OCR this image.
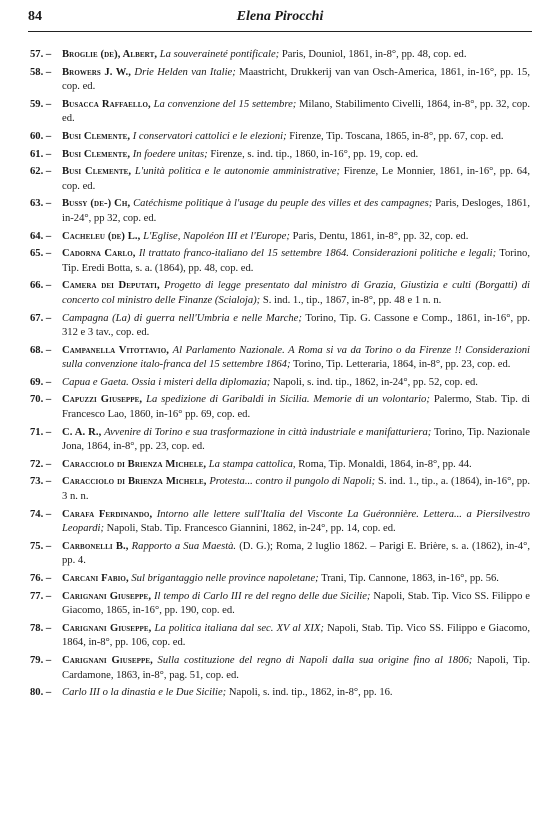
84	Elena Pirocchi
57. –	Broglie (de), Albert, La souveraineté pontificale; Paris, Douniol, 1861, in-8°, pp. 48, cop. ed.
58. –	Browers J. W., Drie Helden van Italie; Maastricht, Drukkerij van van Osch-America, 1861, in-16°, pp. 15, cop. ed.
59. –	Busacca Raffaello, La convenzione del 15 settembre; Milano, Stabilimento Civelli, 1864, in-8°, pp. 32, cop. ed.
60. –	Busi Clemente, I conservatori cattolici e le elezioni; Firenze, Tip. Toscana, 1865, in-8°, pp. 67, cop. ed.
61. –	Busi Clemente, In foedere unitas; Firenze, s. ind. tip., 1860, in-16°, pp. 19, cop. ed.
62. –	Busi Clemente, L'unità politica e le autonomie amministrative; Firenze, Le Monnier, 1861, in-16°, pp. 64, cop. ed.
63. –	Bussy (de-) Ch, Catéchisme politique à l'usage du peuple des villes et des campagnes; Paris, Desloges, 1861, in-24°, pp 32, cop. ed.
64. –	Cacheleu (de) L., L'Eglise, Napoléon III et l'Europe; Paris, Dentu, 1861, in-8°, pp. 32, cop. ed.
65. –	Cadorna Carlo, Il trattato franco-italiano del 15 settembre 1864. Considerazioni politiche e legali; Torino, Tip. Eredi Botta, s. a. (1864), pp. 48, cop. ed.
66. –	Camera dei Deputati, Progetto di legge presentato dal ministro di Grazia, Giustizia e culti (Borgatti) di concerto col ministro delle Finanze (Scialoja); S. ind. 1., tip., 1867, in-8°, pp. 48 e 1 n. n.
67. –	Campagna (La) di guerra nell'Umbria e nelle Marche; Torino, Tip. G. Cassone e Comp., 1861, in-16°, pp. 312 e 3 tav., cop. ed.
68. –	Campanella Vitottavio, Al Parlamento Nazionale. A Roma si va da Torino o da Firenze !! Considerazioni sulla convenzione italo-franca del 15 settembre 1864; Torino, Tip. Letteraria, 1864, in-8°, pp. 23, cop. ed.
69. –	Capua e Gaeta. Ossia i misteri della diplomazia; Napoli, s. ind. tip., 1862, in-24°, pp. 52, cop. ed.
70. –	Capuzzi Giuseppe, La spedizione di Garibaldi in Sicilia. Memorie di un volontario; Palermo, Stab. Tip. di Francesco Lao, 1860, in-16° pp. 69, cop. ed.
71. –	C. A. R., Avvenire di Torino e sua trasformazione in città industriale e manifatturiera; Torino, Tip. Nazionale Jona, 1864, in-8°, pp. 23, cop. ed.
72. –	Caracciolo di Brienza Michele, La stampa cattolica, Roma, Tip. Monaldi, 1864, in-8°, pp. 44.
73. –	Caracciolo di Brienza Michele, Protesta... contro il pungolo di Napoli; S. ind. 1., tip., a. (1864), in-16°, pp. 3 n. n.
74. –	Carafa Ferdinando, Intorno alle lettere sull'Italia del Visconte La Guéronnière. Lettera... a Piersilvestro Leopardi; Napoli, Stab. Tip. Francesco Giannini, 1862, in-24°, pp. 14, cop. ed.
75. –	Carbonelli B., Rapporto a Sua Maestà. (D. G.); Roma, 2 luglio 1862. – Parigi E. Brière, s. a. (1862), in-4°, pp. 4.
76. –	Carcani Fabio, Sul brigantaggio nelle province napoletane; Trani, Tip. Cannone, 1863, in-16°, pp. 56.
77. –	Carignani Giuseppe, Il tempo di Carlo III re del regno delle due Sicilie; Napoli, Stab. Tip. Vico SS. Filippo e Giacomo, 1865, in-16°, pp. 190, cop. ed.
78. –	Carignani Giuseppe, La politica italiana dal sec. XV al XIX; Napoli, Stab. Tip. Vico SS. Filippo e Giacomo, 1864, in-8°, pp. 106, cop. ed.
79. –	Carignani Giuseppe, Sulla costituzione del regno di Napoli dalla sua origine fino al 1806; Napoli, Tip. Cardamone, 1863, in-8°, pag. 51, cop. ed.
80. –	Carlo III o la dinastia e le Due Sicilie; Napoli, s. ind. tip., 1862, in-8°, pp. 16.
